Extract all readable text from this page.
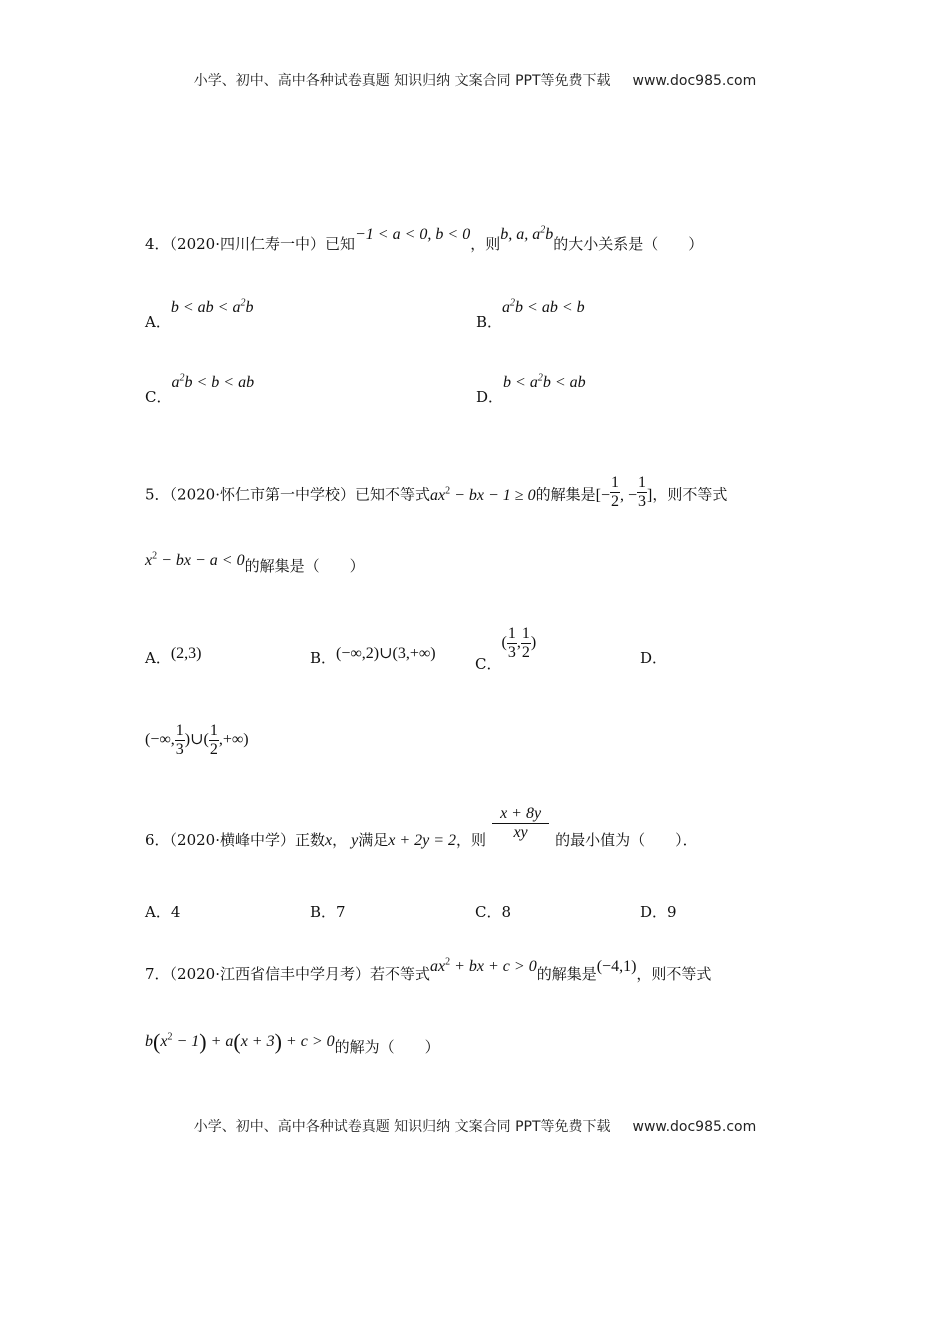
小学、初中、高中各种试卷真题 知识归纳 文案合同 PPT等免费下载 www.doc985.com
4．（2020·四川仁寿一中）已知−1 < a < 0, b < 0，则b, a, $a^2b$的大小关系是（　　）
A．b < ab < $a^2b$
B．$a^2b$ < ab < b
C．$a^2b < b$ < ab
D．$b < a^2b$ < ab
5．（2020·怀仁市第一中学校）已知不等式$ax^2$ − bx − 1 ≥ 0的解集是[− $\frac{1}{2}$ , − $\frac{1}{3}$ ]，则不等式
$x^2$ − bx − a < 0的解集是（　　）
A．(2,3)	B．(−∞,2)∪(3,+∞)
C．( $\frac{1}{3}$ , $\frac{1}{2}$ )
D．
(−∞, $\frac{1}{3}$ )∪( $\frac{1}{2}$ ,+∞)
6．（2020·横峰中学）正数x， y满足x + 2y = 2，则 $\frac{x + 8y}{xy}$ 的最小值为（　　）．
A．4	B．7	C．8	D．9
7．（2020·江西省信丰中学月考）若不等式$ax^2$ + bx + c > 0的解集是(−4,1)，则不等式
$b(x^2 - 1) + a(x + 3) + c > 0$的解为（　　）
小学、初中、高中各种试卷真题 知识归纳 文案合同 PPT等免费下载 www.doc985.com
